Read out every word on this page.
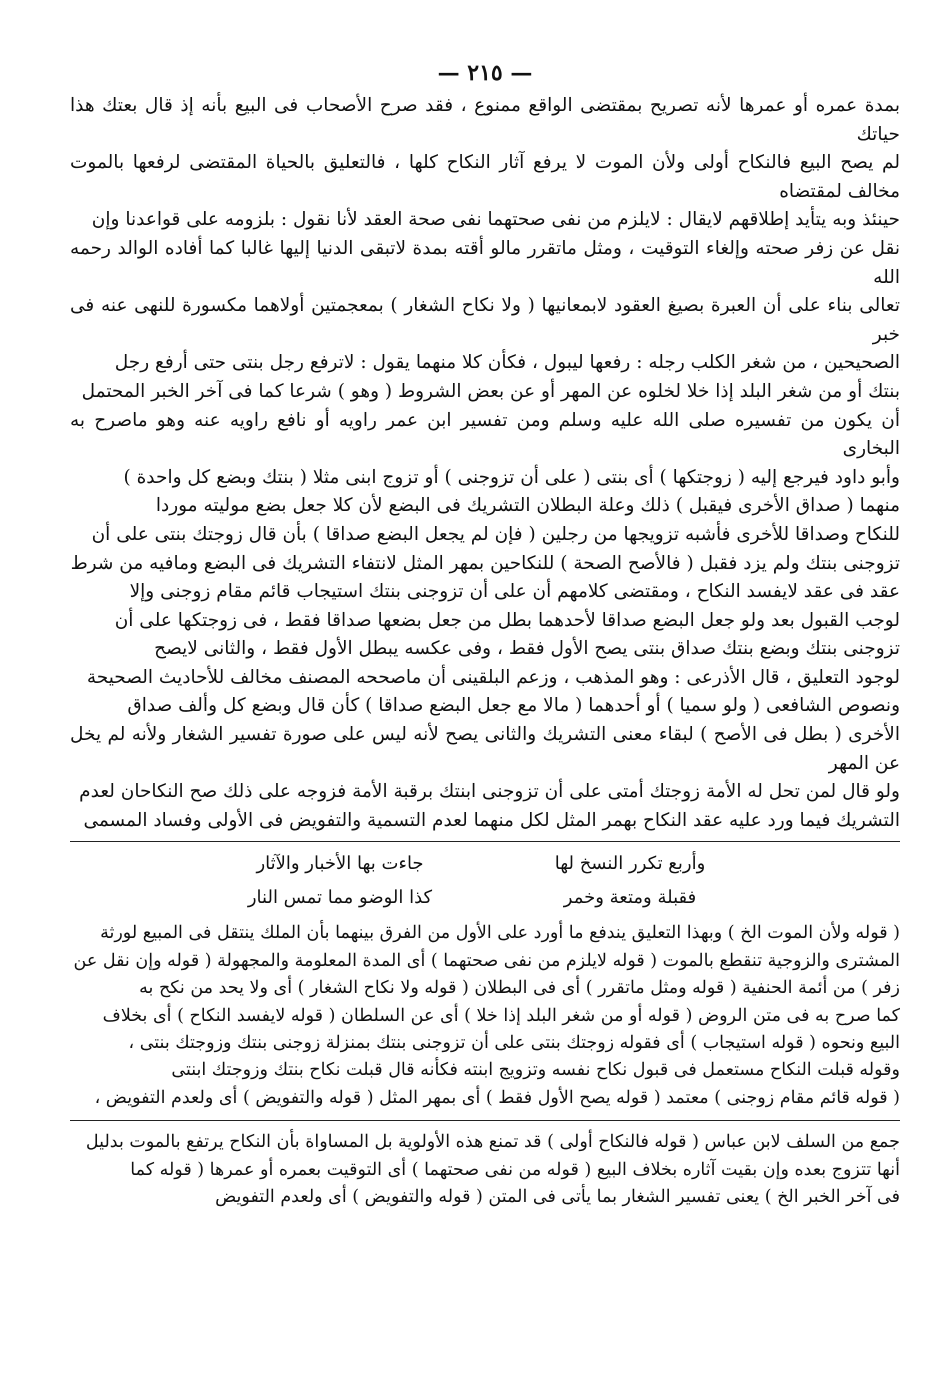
— ٢١٥ —

بمدة عمره أو عمرها لأنه تصريح بمقتضى الواقع ممنوع ، فقد صرح الأصحاب فى البيع بأنه إذ قال بعتك هذا حياتك

لم يصح البيع فالنكاح أولى ولأن الموت لا يرفع آثار النكاح كلها ، فالتعليق بالحياة المقتضى لرفعها بالموت مخالف لمقتضاه

حينئذ وبه يتأيد إطلاقهم لايقال : لايلزم من نفى صحتهما نفى صحة العقد لأنا نقول : بلزومه على قواعدنا وإن

نقل عن زفر صحته وإلغاء التوقيت ، ومثل ماتقرر مالو أقته بمدة لاتبقى الدنيا إليها غالبا كما أفاده الوالد رحمه الله

تعالى بناء على أن العبرة بصيغ العقود لابمعانيها ( ولا نكاح الشغار ) بمعجمتين أولاهما مكسورة للنهى عنه فى خبر

الصحيحين ، من شغر الكلب رجله : رفعها ليبول ، فكأن كلا منهما يقول : لاترفع رجل بنتى حتى أرفع رجل

بنتك أو من شغر البلد إذا خلا لخلوه عن المهر أو عن بعض الشروط ( وهو ) شرعا كما فى آخر الخبر المحتمل

أن يكون من تفسيره صلى الله عليه وسلم ومن تفسير ابن عمر راويه أو نافع راويه عنه وهو ماصرح به البخارى

وأبو داود فيرجع إليه ( زوجتكها ) أى بنتى ( على أن تزوجنى ) أو تزوج ابنى مثلا ( بنتك وبضع كل واحدة )

منهما ( صداق الأخرى فيقبل ) ذلك وعلة البطلان التشريك فى البضع لأن كلا جعل بضع موليته موردا

للنكاح وصداقا للأخرى فأشبه تزويجها من رجلين ( فإن لم يجعل البضع صداقا ) بأن قال زوجتك بنتى على أن

تزوجنى بنتك ولم يزد فقبل ( فالأصح الصحة ) للنكاحين بمهر المثل لانتفاء التشريك فى البضع ومافيه من شرط

عقد فى عقد لايفسد النكاح ، ومقتضى كلامهم أن على أن تزوجنى بنتك استيجاب قائم مقام زوجنى وإلا

لوجب القبول بعد ولو جعل البضع صداقا لأحدهما بطل من جعل بضعها صداقا فقط ، فى زوجتكها على أن

تزوجنى بنتك وبضع بنتك صداق بنتى يصح الأول فقط ، وفى عكسه يبطل الأول فقط ، والثانى لايصح

لوجود التعليق ، قال الأذرعى : وهو المذهب ، وزعم البلقينى أن ماصححه المصنف مخالف للأحاديث الصحيحة

ونصوص الشافعى ( ولو سميا ) أو أحدهما ( مالا مع جعل البضع صداقا ) كأن قال وبضع كل وألف صداق

الأخرى ( بطل فى الأصح ) لبقاء معنى التشريك والثانى يصح لأنه ليس على صورة تفسير الشغار ولأنه لم يخل عن المهر

ولو قال لمن تحل له الأمة زوجتك أمتى على أن تزوجنى ابنتك برقبة الأمة فزوجه على ذلك صح النكاحان لعدم

التشريك فيما ورد عليه عقد النكاح بهمر المثل لكل منهما لعدم التسمية والتفويض فى الأولى وفساد المسمى

وأربع تكرر النسخ لها
جاءت بها الأخبار والآثار
فقبلة ومتعة وخمر
كذا الوضو مما تمس النار

( قوله ولأن الموت الخ ) وبهذا التعليق يندفع ما أورد على الأول من الفرق بينهما بأن الملك ينتقل فى المبيع لورثة

المشترى والزوجية تنقطع بالموت ( قوله لايلزم من نفى صحتهما ) أى المدة المعلومة والمجهولة ( قوله وإن نقل عن

زفر ) من أئمة الحنفية ( قوله ومثل ماتقرر ) أى فى البطلان ( قوله ولا نكاح الشغار ) أى ولا يحد من نكح به

كما صرح به فى متن الروض ( قوله أو من شغر البلد إذا خلا ) أى عن السلطان ( قوله لايفسد النكاح ) أى بخلاف

البيع ونحوه ( قوله استيجاب ) أى فقوله زوجتك بنتى على أن تزوجنى بنتك بمنزلة زوجنى بنتك وزوجتك بنتى ،

وقوله قبلت النكاح مستعمل فى قبول نكاح نفسه وتزويج ابنته فكأنه قال قبلت نكاح بنتك وزوجتك ابنتى

( قوله قائم مقام زوجنى ) معتمد ( قوله يصح الأول فقط ) أى بمهر المثل ( قوله والتفويض ) أى ولعدم التفويض ،

جمع من السلف لابن عباس ( قوله فالنكاح أولى ) قد تمنع هذه الأولوية بل المساواة بأن النكاح يرتفع بالموت بدليل

أنها تتزوج بعده وإن بقيت آثاره بخلاف البيع ( قوله من نفى صحتهما ) أى التوقيت بعمره أو عمرها ( قوله كما

فى آخر الخبر الخ ) يعنى تفسير الشغار بما يأتى فى المتن ( قوله والتفويض ) أى ولعدم التفويض
